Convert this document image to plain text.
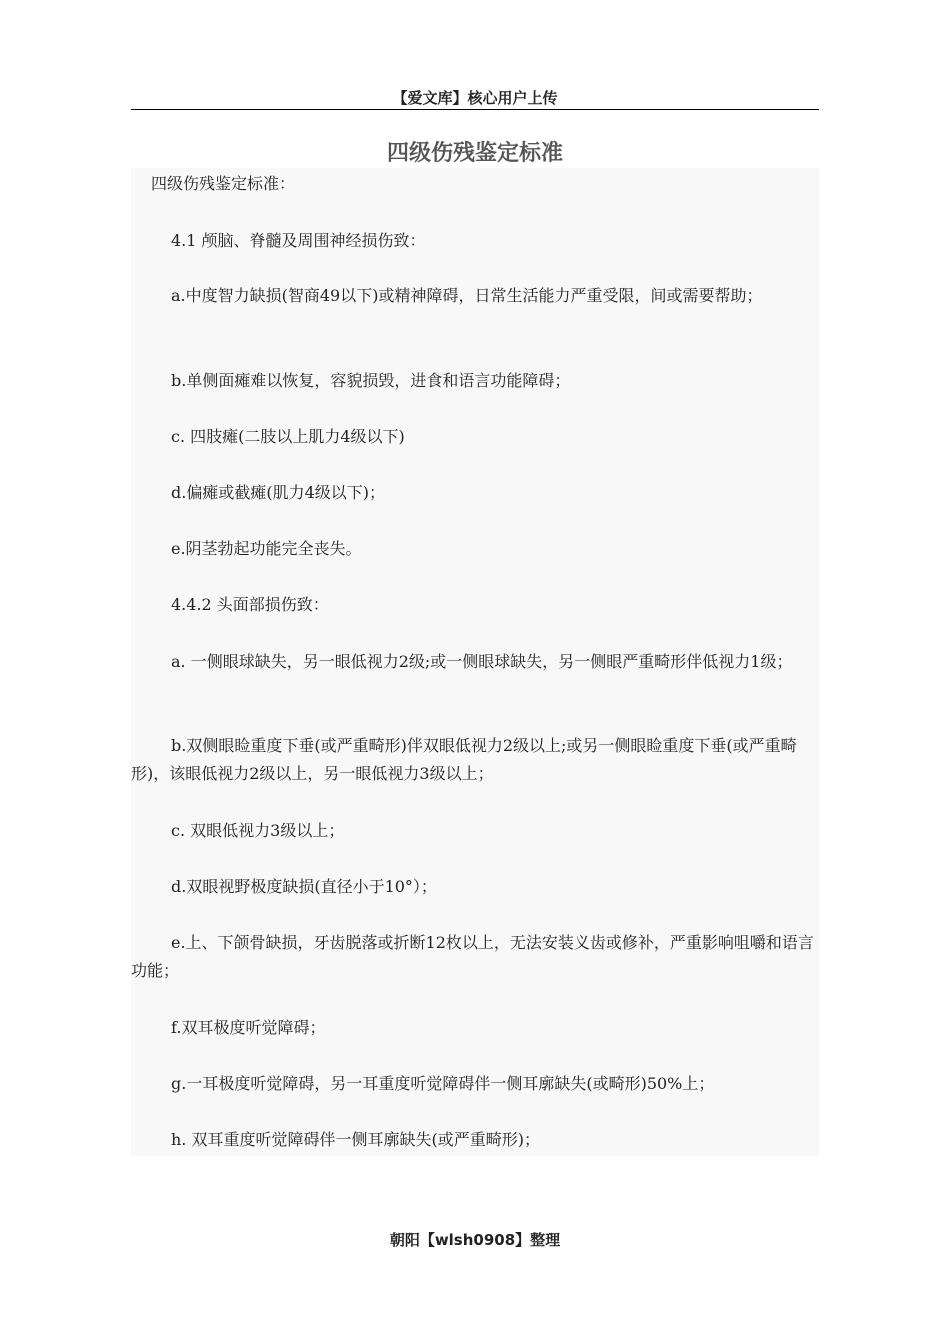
【爱文库】核心用户上传
四级伤残鉴定标准
四级伤残鉴定标准：
4.1 颅脑、脊髓及周围神经损伤致：
a.中度智力缺损(智商49以下)或精神障碍，日常生活能力严重受限，间或需要帮助；
b.单侧面瘫难以恢复，容貌损毁，进食和语言功能障碍；
c. 四肢瘫(二肢以上肌力4级以下)
d.偏瘫或截瘫(肌力4级以下)；
e.阴茎勃起功能完全丧失。
4.4.2 头面部损伤致：
a. 一侧眼球缺失，另一眼低视力2级;或一侧眼球缺失，另一侧眼严重畸形伴低视力1级；
b.双侧眼睑重度下垂(或严重畸形)伴双眼低视力2级以上;或另一侧眼睑重度下垂(或严重畸形)，该眼低视力2级以上，另一眼低视力3级以上；
c. 双眼低视力3级以上；
d.双眼视野极度缺损(直径小于10°）；
e.上、下颌骨缺损，牙齿脱落或折断12枚以上，无法安装义齿或修补，严重影响咀嚼和语言功能；
f.双耳极度听觉障碍；
g.一耳极度听觉障碍，另一耳重度听觉障碍伴一侧耳廓缺失(或畸形)50%上；
h. 双耳重度听觉障碍伴一侧耳廓缺失(或严重畸形)；
朝阳【wlsh0908】整理
